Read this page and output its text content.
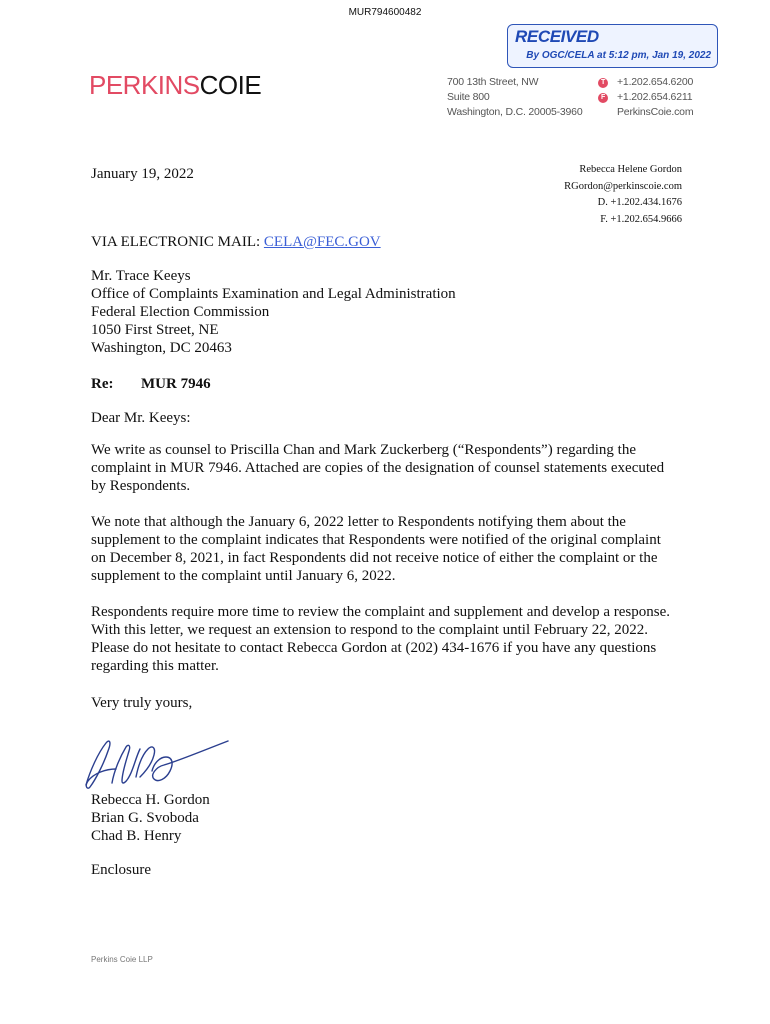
MUR794600482
RECEIVED
By OGC/CELA at 5:12 pm, Jan 19, 2022
PERKINSCOIE	700 13th Street, NW
Suite 800
Washington, D.C. 20005-3960
T +1.202.654.6200
F +1.202.654.6211
PerkinsCoie.com
January 19, 2022	Rebecca Helene Gordon
RGordon@perkinscoie.com
D. +1.202.434.1676
F. +1.202.654.9666
VIA ELECTRONIC MAIL: CELA@FEC.GOV
Mr. Trace Keeys
Office of Complaints Examination and Legal Administration
Federal Election Commission
1050 First Street, NE
Washington, DC 20463
Re: MUR 7946
Dear Mr. Keeys:
We write as counsel to Priscilla Chan and Mark Zuckerberg (“Respondents”) regarding the
complaint in MUR 7946. Attached are copies of the designation of counsel statements executed
by Respondents.
We note that although the January 6, 2022 letter to Respondents notifying them about the
supplement to the complaint indicates that Respondents were notified of the original complaint
on December 8, 2021, in fact Respondents did not receive notice of either the complaint or the
supplement to the complaint until January 6, 2022.
Respondents require more time to review the complaint and supplement and develop a response.
With this letter, we request an extension to respond to the complaint until February 22, 2022.
Please do not hesitate to contact Rebecca Gordon at (202) 434-1676 if you have any questions
regarding this matter.
Very truly yours,
Rebecca H. Gordon
Brian G. Svoboda
Chad B. Henry
Enclosure
Perkins Coie LLP
